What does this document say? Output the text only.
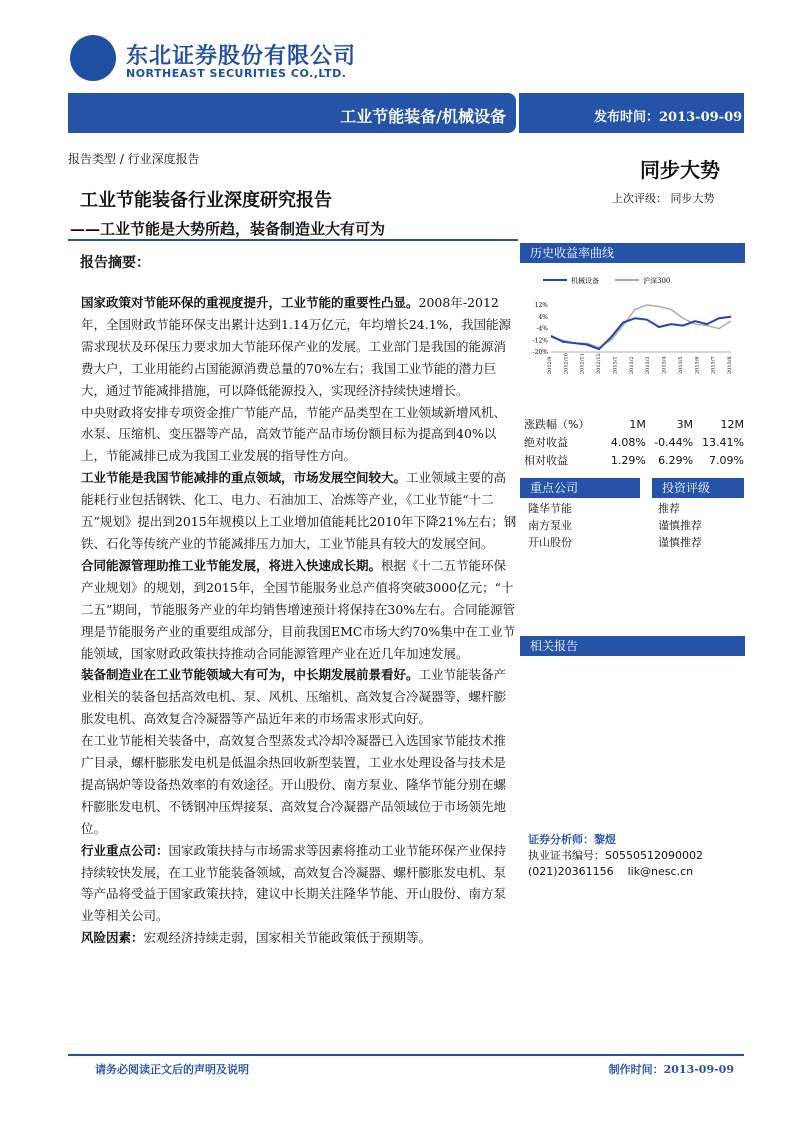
东北证券股份有限公司
NORTHEAST SECURITIES CO.,LTD.
工业节能装备/机械设备	发布时间：2013-09-09
报告类型 / 行业深度报告	同步大势
上次评级： 同步大势
工业节能装备行业深度研究报告
——工业节能是大势所趋，装备制造业大有可为
报告摘要：

国家政策对节能环保的重视度提升，工业节能的重要性凸显。2008年-2012年，全国财政节能环保支出累计达到1.14万亿元，年均增长24.1%，我国能源需求现状及环保压力要求加大节能环保产业的发展。工业部门是我国的能源消费大户，工业用能约占国能源消费总量的70%左右；我国工业节能的潜力巨大，通过节能减排措施，可以降低能源投入，实现经济持续快速增长。

中央财政将安排专项资金推广节能产品，节能产品类型在工业领域新增风机、水泵、压缩机、变压器等产品，高效节能产品市场份额目标为提高到40%以上，节能减排已成为我国工业发展的指导性方向。

工业节能是我国节能减排的重点领域，市场发展空间较大。工业领域主要的高能耗行业包括钢铁、化工、电力、石油加工、冶炼等产业，《工业节能“十二五”规划》提出到2015年规模以上工业增加值能耗比2010年下降21%左右；钢铁、石化等传统产业的节能减排压力加大，工业节能具有较大的发展空间。

合同能源管理助推工业节能发展，将进入快速成长期。根据《十二五节能环保产业规划》的规划，到2015年，全国节能服务业总产值将突破3000亿元；“十二五”期间，节能服务产业的年均销售增速预计将保持在30%左右。合同能源管理是节能服务产业的重要组成部分，目前我国EMC市场大约70%集中在工业节能领域，国家财政政策扶持推动合同能源管理产业在近几年加速发展。

装备制造业在工业节能领域大有可为，中长期发展前景看好。工业节能装备产业相关的装备包括高效电机、泵、风机、压缩机、高效复合冷凝器等，螺杆膨胀发电机、高效复合冷凝器等产品近年来的市场需求形式向好。

在工业节能相关装备中，高效复合型蒸发式冷却冷凝器已入选国家节能技术推广目录，螺杆膨胀发电机是低温余热回收新型装置，工业水处理设备与技术是提高锅炉等设备热效率的有效途径。开山股份、南方泵业、隆华节能分别在螺杆膨胀发电机、不锈钢冲压焊接泵、高效复合冷凝器产品领域位于市场领先地位。

行业重点公司：国家政策扶持与市场需求等因素将推动工业节能环保产业保持持续较快发展，在工业节能装备领域，高效复合冷凝器、螺杆膨胀发电机、泵等产品将受益于国家政策扶持，建议中长期关注隆华节能、开山股份、南方泵业等相关公司。

风险因素：宏观经济持续走弱，国家相关节能政策低于预期等。

历史收益率曲线
机械设备	沪深300
12%
4%
-4%
-12%
-20%
2012/9 2012/10 2012/11 2012/12 2013/1 2013/2 2013/3 2013/4 2013/5 2013/6 2013/7 2013/8
涨跌幅（%）	1M	3M	12M
绝对收益	4.08%	-0.44%	13.41%
相对收益	1.29%	6.29%	7.09%
重点公司	投资评级
隆华节能	推荐
南方泵业	谨慎推荐
开山股份	谨慎推荐
相关报告
证券分析师：黎煜
执业证书编号：S0550512090002
(021)20361156 lik@nesc.cn
请务必阅读正文后的声明及说明	制作时间：2013-09-09
